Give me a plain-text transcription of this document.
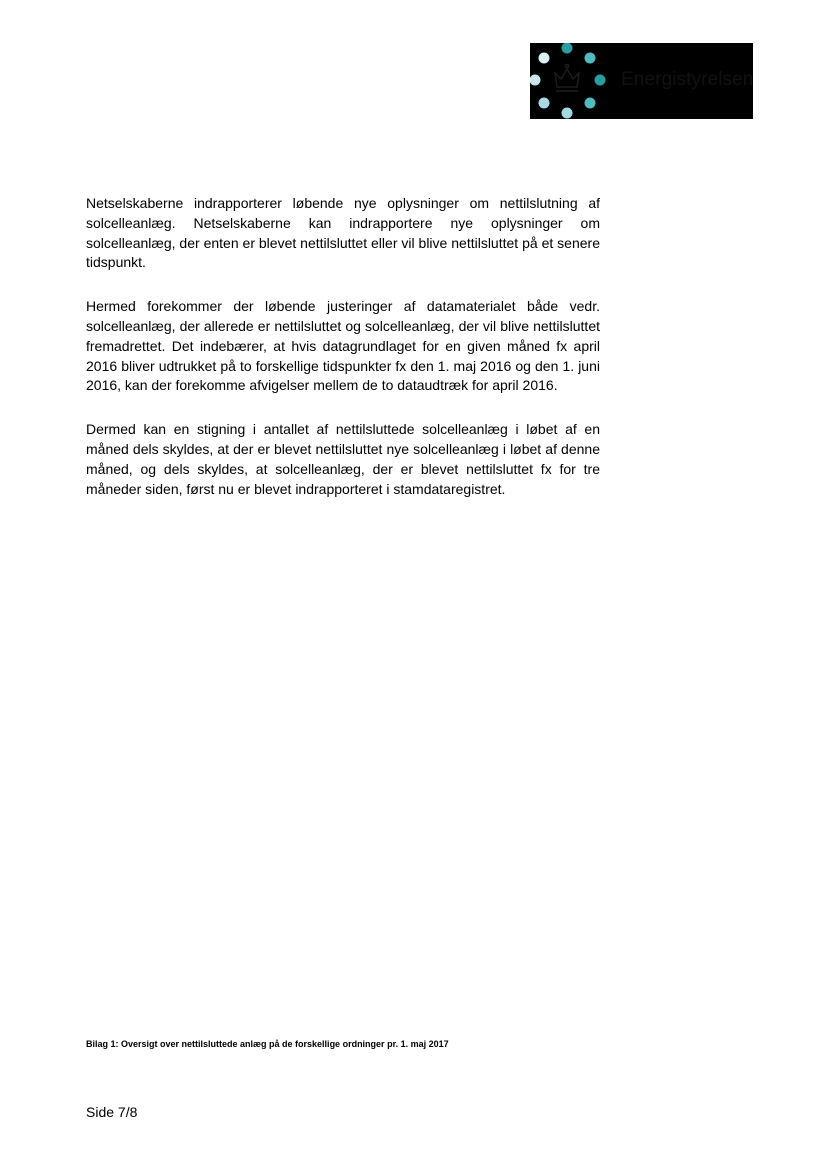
Energistyrelsen

Netselskaberne indrapporterer løbende nye oplysninger om nettilslutning af solcelleanlæg. Netselskaberne kan indrapportere nye oplysninger om solcelleanlæg, der enten er blevet nettilsluttet eller vil blive nettilsluttet på et senere tidspunkt.

Hermed forekommer der løbende justeringer af datamaterialet både vedr. solcelleanlæg, der allerede er nettilsluttet og solcelleanlæg, der vil blive nettilsluttet fremadrettet. Det indebærer, at hvis datagrundlaget for en given måned fx april 2016 bliver udtrukket på to forskellige tidspunkter fx den 1. maj 2016 og den 1. juni 2016, kan der forekomme afvigelser mellem de to dataudtræk for april 2016.

Dermed kan en stigning i antallet af nettilsluttede solcelleanlæg i løbet af en måned dels skyldes, at der er blevet nettilsluttet nye solcelleanlæg i løbet af denne måned, og dels skyldes, at solcelleanlæg, der er blevet nettilsluttet fx for tre måneder siden, først nu er blevet indrapporteret i stamdataregistret.

Bilag 1: Oversigt over nettilsluttede anlæg på de forskellige ordninger pr. 1. maj 2017
Side 7/8
